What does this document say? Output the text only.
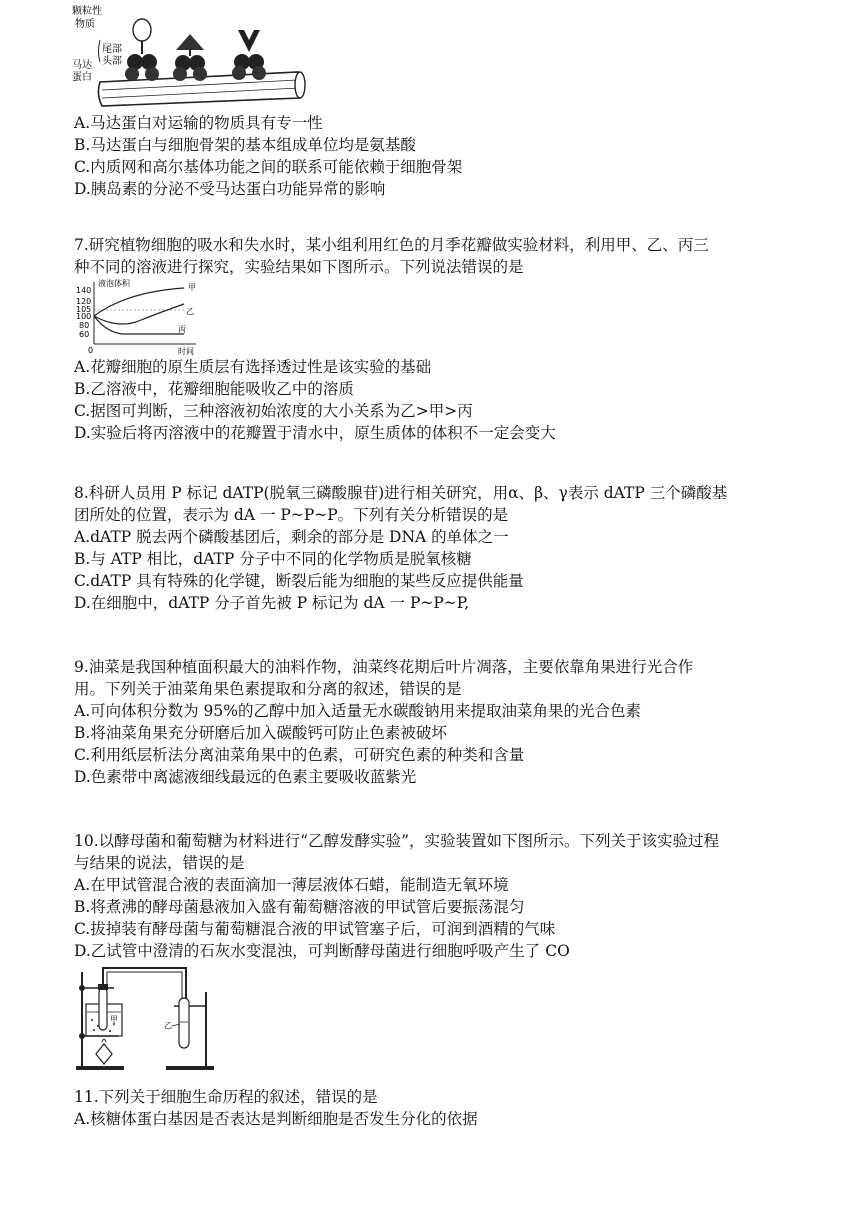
颗粒性
物质
马达
蛋白
尾部
头部
A.马达蛋白对运输的物质具有专一性
B.马达蛋白与细胞骨架的基本组成单位均是氨基酸
C.内质网和高尔基体功能之间的联系可能依赖于细胞骨架
D.胰岛素的分泌不受马达蛋白功能异常的影响
7.研究植物细胞的吸水和失水时，某小组利用红色的月季花瓣做实验材料，利用甲、乙、丙三
种不同的溶液进行探究，实验结果如下图所示。下列说法错误的是
液泡体积
时间
0
140
120
105
100
80
60
甲
乙
丙
A.花瓣细胞的原生质层有选择透过性是该实验的基础
B.乙溶液中，花瓣细胞能吸收乙中的溶质
C.据图可判断，三种溶液初始浓度的大小关系为乙>甲>丙
D.实验后将丙溶液中的花瓣置于清水中，原生质体的体积不一定会变大
8.科研人员用 P 标记 dATP(脱氧三磷酸腺苷)进行相关研究，用α、β、γ表示 dATP 三个磷酸基
团所处的位置，表示为 dA 一 P~P~P。下列有关分析错误的是
A.dATP 脱去两个磷酸基团后，剩余的部分是 DNA 的单体之一
B.与 ATP 相比，dATP 分子中不同的化学物质是脱氧核糖
C.dATP 具有特殊的化学键，断裂后能为细胞的某些反应提供能量
D.在细胞中，dATP 分子首先被 P 标记为 dA 一 P~P~P,
9.油菜是我国种植面积最大的油料作物，油菜终花期后叶片凋落，主要依靠角果进行光合作
用。下列关于油菜角果色素提取和分离的叙述，错误的是
A.可向体积分数为 95%的乙醇中加入适量无水碳酸钠用来提取油菜角果的光合色素
B.将油菜角果充分研磨后加入碳酸钙可防止色素被破坏
C.利用纸层析法分离油菜角果中的色素，可研究色素的种类和含量
D.色素带中离滤液细线最远的色素主要吸收蓝紫光
10.以酵母菌和葡萄糖为材料进行“乙醇发酵实验”，实验装置如下图所示。下列关于该实验过程
与结果的说法，错误的是
A.在甲试管混合液的表面滴加一薄层液体石蜡，能制造无氧环境
B.将煮沸的酵母菌悬液加入盛有葡萄糖溶液的甲试管后要振荡混匀
C.拔掉装有酵母菌与葡萄糖混合液的甲试管塞子后，可润到酒精的气味
D.乙试管中澄清的石灰水变混浊，可判断酵母菌进行细胞呼吸产生了 CO
甲
乙
11.下列关于细胞生命历程的叙述，错误的是
A.核糖体蛋白基因是否表达是判断细胞是否发生分化的依据
